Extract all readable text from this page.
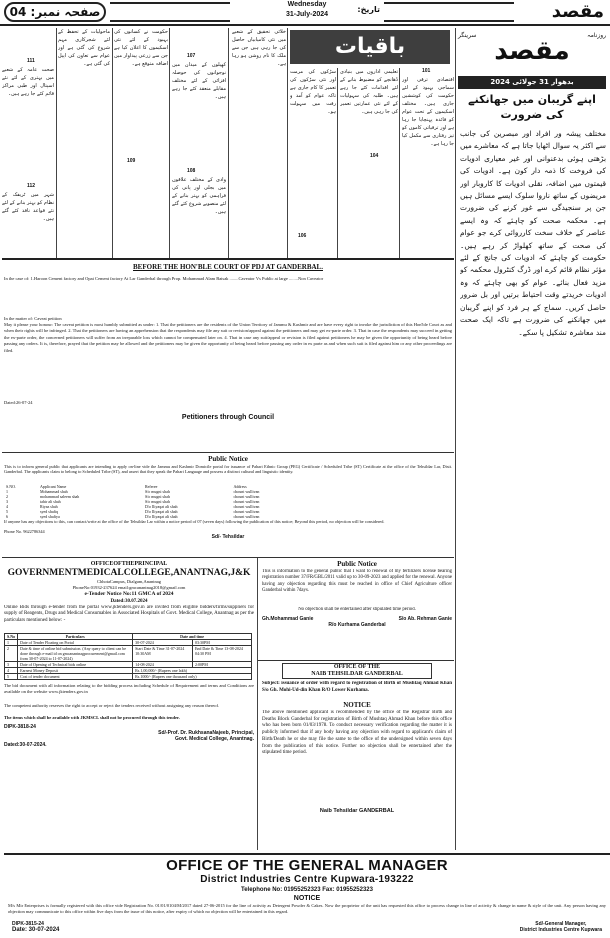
صفحہ نمبر: 04
Wednesday
31-July-2024
تاریخ:	مقصد
روزنامہ
سرینگر
مقصد
بدھوار 31 جولائی 2024
اپنے گریبان میں جھانکنے کی ضرورت
مختلف پیشہ ور افراد اور مبصرین کی جانب سے اکثر یہ سوال اٹھایا جاتا ہے کہ معاشرے میں بڑھتی ہوئی بدعنوانی اور غیر معیاری ادویات کی فروخت کا ذمہ دار کون ہے۔ ادویات کی قیمتوں میں اضافہ، نقلی ادویات کا کاروبار اور مریضوں کے ساتھ ناروا سلوک ایسے مسائل ہیں جن پر سنجیدگی سے غور کرنے کی ضرورت ہے۔ محکمہ صحت کو چاہئے کہ وہ ایسے عناصر کے خلاف سخت کارروائی کرے جو عوام کی صحت کے ساتھ کھلواڑ کر رہے ہیں۔ حکومت کو چاہئے کہ ادویات کی جانچ کے لئے مؤثر نظام قائم کرے اور ڈرگ کنٹرول محکمہ کو مزید فعال بنائے۔ عوام کو بھی چاہئے کہ وہ ادویات خریدتے وقت احتیاط برتیں اور بل ضرور حاصل کریں۔ سماج کے ہر فرد کو اپنے گریبان میں جھانکنے کی ضرورت ہے تاکہ ایک صحت مند معاشرہ تشکیل پا سکے۔
باقیات
101
اقتصادی ترقی اور سماجی بہبود کے لئے حکومت کی کوششیں جاری ہیں۔ مختلف اسکیموں کے تحت عوام کو فائدہ پہنچایا جا رہا ہے اور ترقیاتی کاموں کو تیز رفتاری سے مکمل کیا جا رہا ہے۔
104
تعلیمی اداروں میں بنیادی ڈھانچے کو مضبوط بنانے کے لئے اقدامات کئے جا رہے ہیں۔ طلبہ کی سہولیات کے لئے نئی عمارتیں تعمیر کی جا رہی ہیں۔
سڑکوں کی مرمت اور نئی سڑکوں کی تعمیر کا کام جاری ہے تاکہ عوام کو آمد و رفت میں سہولت ہو۔
106
خلائی تحقیق کے شعبے میں نئی کامیابیاں حاصل کی جا رہی ہیں جن سے ملک کا نام روشن ہو رہا ہے۔
107
کھیلوں کے میدان میں نوجوانوں کی حوصلہ افزائی کے لئے مختلف مقابلے منعقد کئے جا رہے ہیں۔
108
وادی کے مختلف علاقوں میں بجلی اور پانی کی فراہمی کو بہتر بنانے کے لئے منصوبے شروع کئے گئے ہیں۔
109
حکومت نے کسانوں کی بہبود کے لئے نئی اسکیموں کا اعلان کیا ہے جن سے زرعی پیداوار میں اضافہ متوقع ہے۔
ماحولیات کے تحفظ کے لئے شجرکاری مہم شروع کی گئی ہے اور عوام سے تعاون کی اپیل کی گئی ہے۔
111
صحت عامہ کے شعبے میں بہتری کے لئے نئے اسپتال اور طبی مراکز قائم کئے جا رہے ہیں۔
112
شہر میں ٹریفک کے نظام کو بہتر بنانے کے لئے نئے قواعد نافذ کئے گئے ہیں۔
BEFORE THE HON'BLE COURT OF PDJ AT GANDERBAL.
In the case of: 1.Haroon Cement factory and Opai Cement factory At Lar Ganderbal through Prop. Mohammad Alam Baisak ........Caveator Vs Public at large ........Non Caveator
In the matter of: Caveat petition
May it please your honour: The caveat petition is most humbly submitted as under: 1. That the petitioners are the residents of the Union Territory of Jammu & Kashmir and are have every right to invoke the jurisdiction of this Hon'ble Court as and when their rights will be infringed. 2. That the petitioners are having an apprehension that the respondents may file any suit or revision/appeal against the petitioners and may get ex-parte order. 3. That in case the respondents may succeed in getting the ex-parte order, the concerned petitioners will suffer from an irreparable loss which cannot be compensated later on. 4. That in case any suit/appeal or revision is filed against petitioners he may be given the opportunity of being heard before passing any orders. It is, therefore, prayed that the petition may be allowed and the petitioners may be given the opportunity of being heard before passing any order in ex parte as and when such suit is filed against him or any other proceedings are filed.
Dated:26-07-24
Petitioners through Council
Public Notice
This is to inform general public that applicants are intending to apply on-line vide the Jammu and Kashmir Domicile portal for issuance of Pahari Ethnic Group (PEG) Certificate / Scheduled Tribe (ST) Certificate at the office of the Tehsildar Lar, Distt. Ganderbal. The applicants claim to belong to Scheduled Tribe (ST), and assert that they speak the Pahari Language and possess a distinct cultural and linguistic identity.
S.NO.	Applicant Name	Referee	Address
1	Mohammad shah	S/o mugni shah	chount wullivan
2	mohammad saleem shah	S/o mugni shah	chount wullivan
3	tahir ali shah	S/o mugni shah	chount wullivan
4	Riyaz shah	D/o Iliyaqat ali shah	chount wullivan
5	syed shafiq	D/o Iliyaqat ali shah	chount wullivan
6	syed shafiya	D/o Iliyaqat ali shah	chount wullivan
If anyone has any objections to this, can contact/write at the office of the Tehsildar Lar within a notice period of 07 (seven days) following the publication of this notice; Beyond this period, no objection will be considered.
Phone No. 9622786344
Sd/- Tehsildar
OFFICEOFTHEPRINCIPAL
GOVERNMENTMEDICALCOLLEGE,ANANTNAG,J&K
ChhotaCampus, Dialgam,Anantnag
PhoneNo:01932-237624 email:gmcanantnag2018@gmail.com
e-Tender Notice No:11 GMCA of 2024
Dated:30.07.2024
Online Bids through e-tender from the portal www.jktenders.gov.in are invited from eligible bidders/firms/suppliers for supply of Reagents, Drugs and Medical Consumables in Associated Hospitals of Govt. Medical College, Anantnag as per the particulars mentioned below: -
S.No	Particulars	Date and time	
1	Date of Tender Floating on Portal	30-07-2024	03:30PM
2	Date & time of online bid submission. (Any query to client can be done through e-mail id on gmcanantnagprocurement@gmail.com from 30-07-2024 to 11-07-2024)	Start Date & Time 31-07-2024 10:30AM	End Date & Time 13-08-2024 04:30 PM
3	Date of Opening of Technical bids online	14-08-2024	2:00PM
4	Earnest Money Deposit	Rs.1,00,000/- (Rupees one lakh)	
5	Cost of tender document	Rs.1000/- (Rupees one thousand only)	
The bid document with all information relating to the bidding process including Schedule of Requirement and terms and Conditions are available on the website www.jktenders.gov.in
The competent authority reserves the right to accept or reject the tenders received without assigning any reason thereof.
The items which shall be available with JKMSCL shall not be procured through this tender.
DIPK-3818-24
Sd/-Prof. Dr. RukhsanaNajeeb, Principal,
Govt. Medical College, Anantnag.
Dated:30-07-2024.
Public Notice
This is information to the general public that I want to renewal of my fertilizers license bearing registration number 37/FR/GBL/2011 valid up to 30-09-2023 and applied for the renewal. Anyone having any objection regarding this must be reached in office of Chief Agriculture officer Ganderbal within 7days.
No objection shall be entertained after stipulated time period.
Gh.Mohammad Ganie	S/o Ab. Rehman Ganie
R/o Kurhama Ganderbal
OFFICE OF THE
NAIB TEHSILDAR GANDERBAL
Subject: issuance of order with regard to registration of Birth of Mushtaq Ahmad Khan S/o Gh. Mohi-Ud-din Khan R/O Lower Kurhama.
NOTICE
The above mentioned applicant is recommended by the office of the Registrar Birth and Deaths Block Ganderbal for registration of Birth of Mushtaq Ahmad Khan before this office who has been born 01/03/1978. To conduct necessary verification regarding the matter it is publicly informed that if any body having any objection with regard to applicant's claim of Birth/Death he or she may file the same to the office of the undersigned within seven days from the publication of this notice. Further no objection shall be entertained after the stipulated time period.
Naib Tehsildar GANDERBAL
OFFICE OF THE GENERAL MANAGER
District Industries Centre Kupwara-193222
Telephone No: 01955252323 Fax: 01955252323
NOTICE
M/s Mir Enterprises is formally registered with this office vide Registration No. 01/01/0104/M/2017 dated 27-06-2015 for the line of activity as Detergent Powder & Cakes. Now the proprietor of the unit has requested this office to process change in line of activity & change in name & style of the unit. Any person having any objection may communicate to this office within five days from the issue of this notice, after expiry of which no objection will be entertained in this regard.
DIPK-3815-24
Date: 30-07-2024
Sd/-General Manager,
District Industries Centre Kupwara
